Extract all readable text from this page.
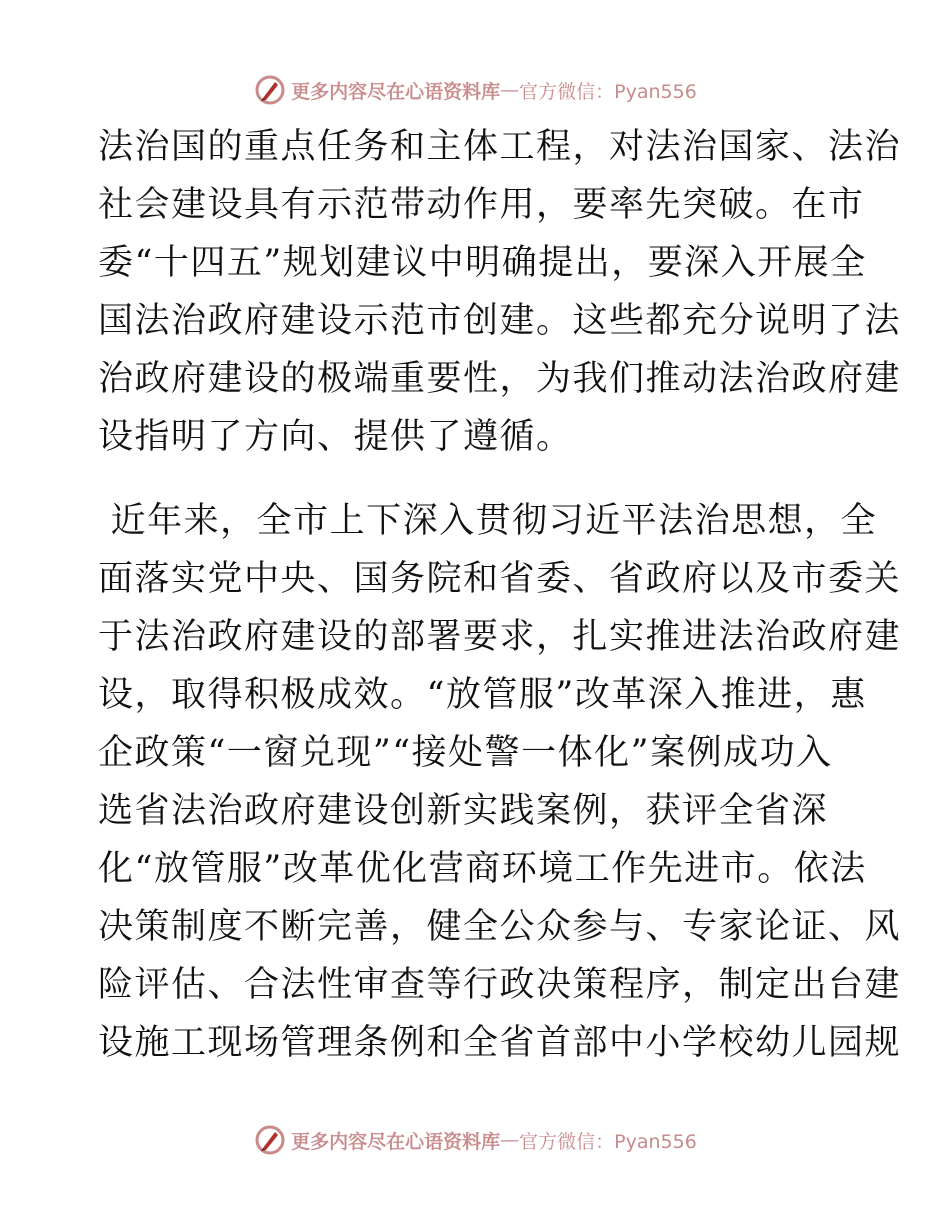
更多内容尽在心语资料库 — 官方微信：Pyan556
法治国的重点任务和主体工程，对法治国家、法治
社会建设具有示范带动作用，要率先突破。在市
委“十四五”规划建议中明确提出，要深入开展全
国法治政府建设示范市创建。这些都充分说明了法
治政府建设的极端重要性，为我们推动法治政府建
设指明了方向、提供了遵循。
近年来，全市上下深入贯彻习近平法治思想，全
面落实党中央、国务院和省委、省政府以及市委关
于法治政府建设的部署要求，扎实推进法治政府建
设，取得积极成效。“放管服”改革深入推进，惠
企政策“一窗兑现”“接处警一体化”案例成功入
选省法治政府建设创新实践案例，获评全省深
化“放管服”改革优化营商环境工作先进市。依法
决策制度不断完善，健全公众参与、专家论证、风
险评估、合法性审查等行政决策程序，制定出台建
设施工现场管理条例和全省首部中小学校幼儿园规
更多内容尽在心语资料库 — 官方微信：Pyan556
